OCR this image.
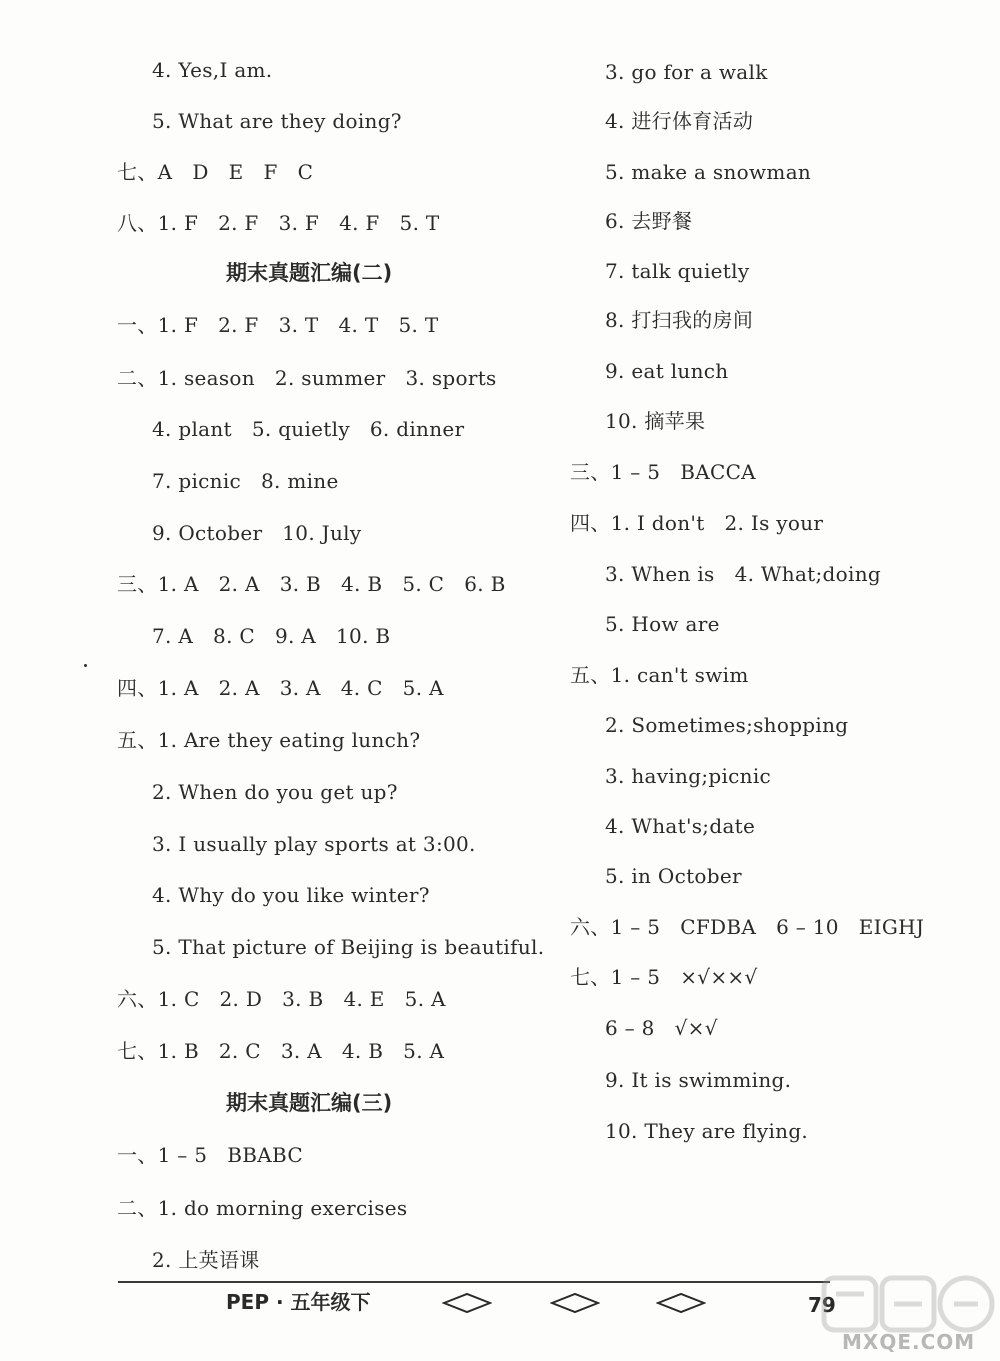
4. Yes,I am.
5. What are they doing?
七、A   D   E   F   C
八、1. F   2. F   3. F   4. F   5. T
期末真题汇编(二)
一、1. F   2. F   3. T   4. T   5. T
二、1. season   2. summer   3. sports
4. plant   5. quietly   6. dinner
7. picnic   8. mine
9. October   10. July
三、1. A   2. A   3. B   4. B   5. C   6. B
7. A   8. C   9. A   10. B
四、1. A   2. A   3. A   4. C   5. A
五、1. Are they eating lunch?
2. When do you get up?
3. I usually play sports at 3:00.
4. Why do you like winter?
5. That picture of Beijing is beautiful.
六、1. C   2. D   3. B   4. E   5. A
七、1. B   2. C   3. A   4. B   5. A
期末真题汇编(三)
一、1 – 5   BBABC
二、1. do morning exercises
2. 上英语课
3. go for a walk
4. 进行体育活动
5. make a snowman
6. 去野餐
7. talk quietly
8. 打扫我的房间
9. eat lunch
10. 摘苹果
三、1 – 5   BACCA
四、1. I don't   2. Is your
3. When is   4. What;doing
5. How are
五、1. can't swim
2. Sometimes;shopping
3. having;picnic
4. What's;date
5. in October
六、1 – 5   CFDBA   6 – 10   EIGHJ
七、1 – 5   ×√××√
6 – 8   √×√
9. It is swimming.
10. They are flying.
PEP · 五年级下	79
MXQE.COM
